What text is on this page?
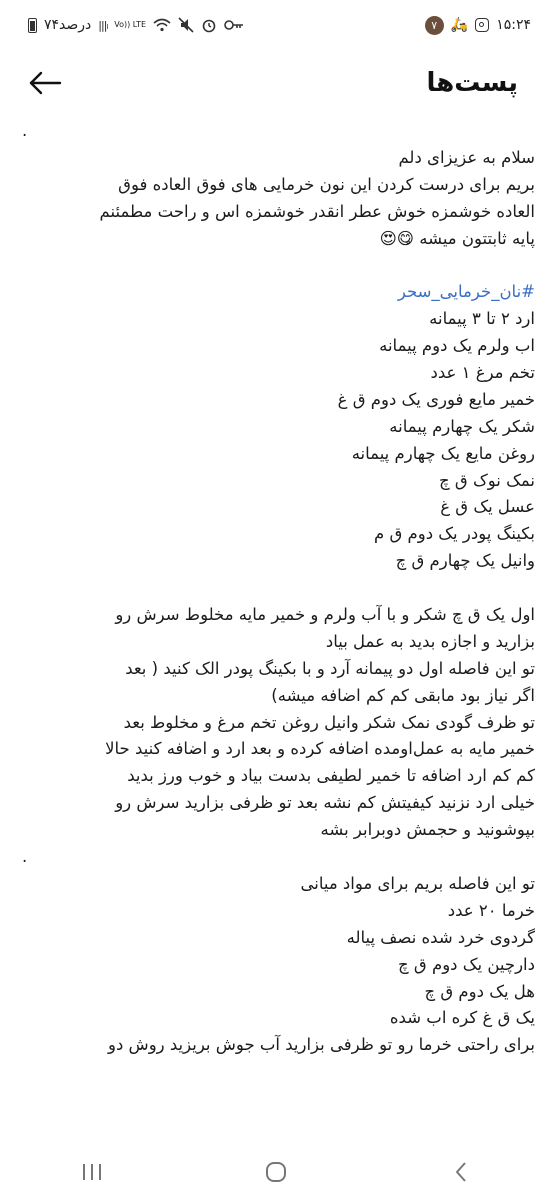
۷۴درصد |||ₗ Vo)) LTE	۷ 🛵 ۱۵:۲۴
پست‌ها
.
سلام به عزیزای دلم
بریم برای درست کردن این نون خرمایی های فوق العاده فوق
العاده خوشمزه خوش عطر انقدر خوشمزه اس و راحت مطمئنم
پایه ثابتتون میشه 😋😍
#نان_خرمایی_سحر
ارد ۲ تا ۳ پیمانه
اب ولرم یک دوم پیمانه
تخم مرغ ۱ عدد
خمیر مایع فوری یک دوم ق غ
شکر یک چهارم پیمانه
روغن مایع یک چهارم پیمانه
نمک نوک ق چ
عسل یک ق غ
بکینگ پودر یک دوم ق م
وانیل یک چهارم ق چ
اول یک ق چ شکر و با آب ولرم و خمیر مایه مخلوط سرش رو
بزارید و اجازه بدید به عمل بیاد
تو این فاصله اول دو پیمانه آرد و با بکینگ پودر الک کنید ( بعد
اگر نیاز بود مابقی کم کم اضافه میشه)
تو ظرف گودی نمک شکر وانیل روغن تخم مرغ و مخلوط بعد
خمیر مایه به عمل‌اومده اضافه کرده و بعد ارد و اضافه کنید حالا
کم کم ارد اضافه تا خمیر لطیفی بدست بیاد و خوب ورز بدید
خیلی ارد نزنید کیفیتش کم نشه بعد تو ظرفی بزارید سرش رو
بپوشونید و حجمش دوبرابر بشه
.
تو این فاصله بریم برای مواد میانی
خرما ۲۰ عدد
گردوی خرد شده نصف پیاله
دارچین یک دوم ق چ
هل یک دوم ق چ
یک ق غ کره اب شده
برای راحتی خرما رو تو ظرفی بزارید آب جوش بریزید روش دو
